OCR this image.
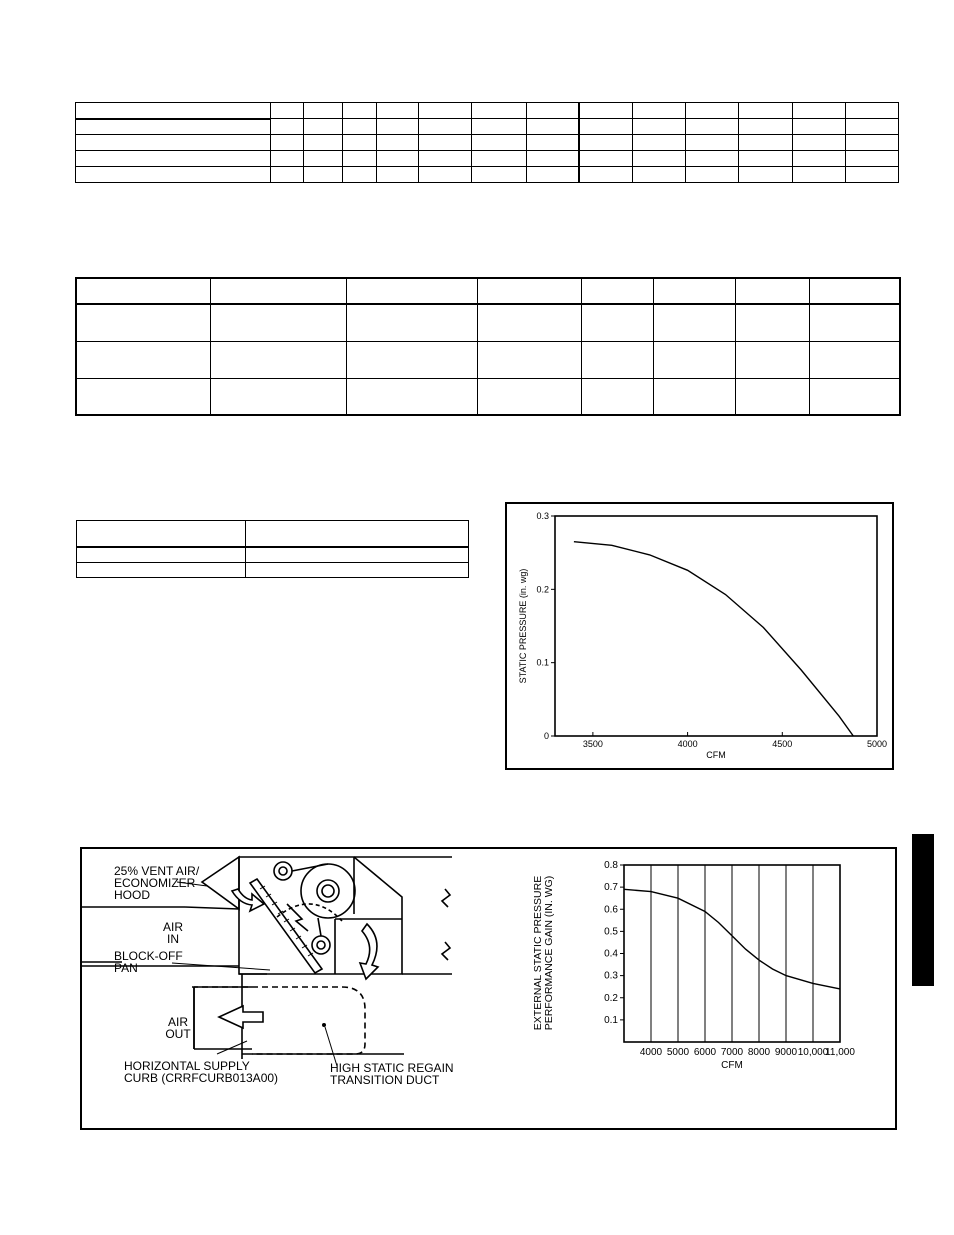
3500	4000	4500	5000
0
0.1
0.2
0.3
CFM
STATIC PRESSURE (in. wg)
25% VENT AIR/ ECONOMIZER HOOD
AIR IN
BLOCK-OFF PAN
AIR OUT
HORIZONTAL SUPPLY CURB (CRRFCURB013A00)
HIGH STATIC REGAIN TRANSITION DUCT
4000 5000 6000 7000 8000 9000 10,000
11,000
0.1
0.2
0.3
0.4
0.5
0.6
0.7
0.8
CFM
EXTERNAL STATIC PRESSUREPERFORMANCE GAIN (IN. WG)
